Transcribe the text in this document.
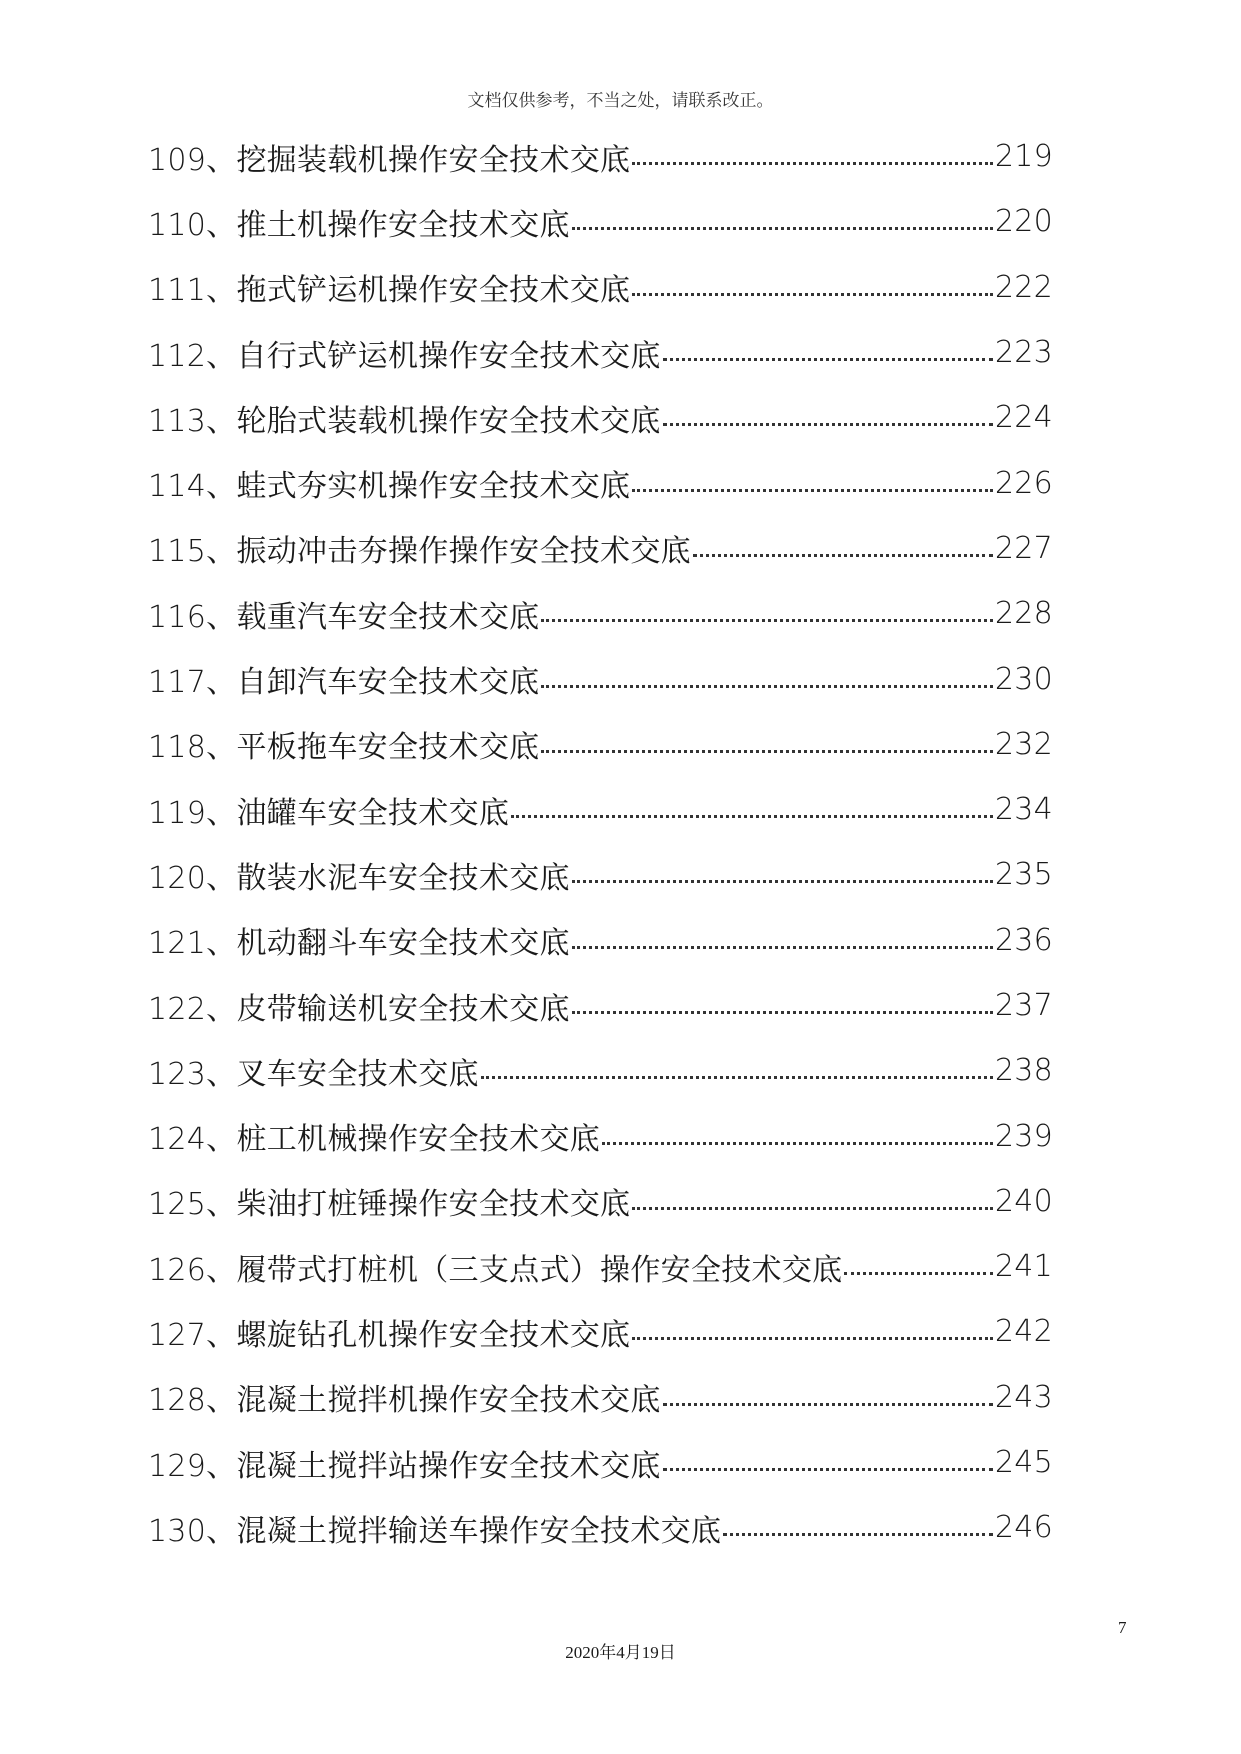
文档仅供参考，不当之处，请联系改正。
109、挖掘装载机操作安全技术交底	219
110、推土机操作安全技术交底	220
111、拖式铲运机操作安全技术交底	222
112、自行式铲运机操作安全技术交底	223
113、轮胎式装载机操作安全技术交底	224
114、蛙式夯实机操作安全技术交底	226
115、振动冲击夯操作操作安全技术交底	227
116、载重汽车安全技术交底	228
117、自卸汽车安全技术交底	230
118、平板拖车安全技术交底	232
119、油罐车安全技术交底	234
120、散装水泥车安全技术交底	235
121、机动翻斗车安全技术交底	236
122、皮带输送机安全技术交底	237
123、叉车安全技术交底	238
124、桩工机械操作安全技术交底	239
125、柴油打桩锤操作安全技术交底	240
126、履带式打桩机（三支点式）操作安全技术交底	241
127、螺旋钻孔机操作安全技术交底	242
128、混凝土搅拌机操作安全技术交底	243
129、混凝土搅拌站操作安全技术交底	245
130、混凝土搅拌输送车操作安全技术交底	246
7
2020年4月19日
